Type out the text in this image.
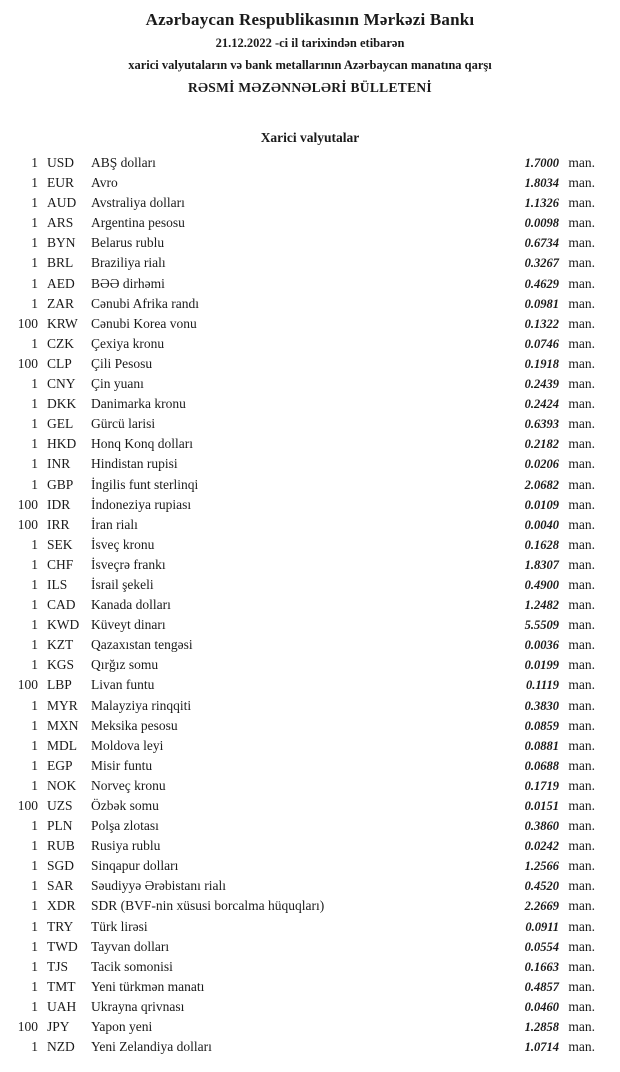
Azərbaycan Respublikasının Mərkəzi Bankı
21.12.2022 -ci il tarixindən etibarən
xarici valyutaların və bank metallarının Azərbaycan manatına qarşı
RƏSMİ MƏZƏNNƏLƏRİ BÜLLETENİ
Xarici valyutalar
1 USD	ABŞ dolları	1.7000 man.
1 EUR	Avro	1.8034 man.
1 AUD	Avstraliya dolları	1.1326 man.
1 ARS	Argentina pesosu	0.0098 man.
1 BYN	Belarus rublu	0.6734 man.
1 BRL	Braziliya rialı	0.3267 man.
1 AED	BƏƏ dirhəmi	0.4629 man.
1 ZAR	Cənubi Afrika randı	0.0981 man.
100 KRW Cənubi Korea vonu	0.1322 man.
1 CZK	Çexiya kronu	0.0746 man.
100 CLP	Çili Pesosu	0.1918 man.
1 CNY	Çin yuanı	0.2439 man.
1 DKK	Danimarka kronu	0.2424 man.
1 GEL	Gürcü larisi	0.6393 man.
1 HKD	Honq Konq dolları	0.2182 man.
1 INR	Hindistan rupisi	0.0206 man.
1 GBP	İngilis funt sterlinqi	2.0682 man.
100 IDR	İndoneziya rupiası	0.0109 man.
100 IRR	İran rialı	0.0040 man.
1 SEK	İsveç kronu	0.1628 man.
1 CHF	İsveçrə frankı	1.8307 man.
1 ILS	İsrail şekeli	0.4900 man.
1 CAD	Kanada dolları	1.2482 man.
1 KWD Küveyt dinarı	5.5509 man.
1 KZT	Qazaxıstan tengəsi	0.0036 man.
1 KGS	Qırğız somu	0.0199 man.
100 LBP	Livan funtu	0.1119 man.
1 MYR Malayziya rinqqiti	0.3830 man.
1 MXN Meksika pesosu	0.0859 man.
1 MDL	Moldova leyi	0.0881 man.
1 EGP	Misir funtu	0.0688 man.
1 NOK	Norveç kronu	0.1719 man.
100 UZS	Özbək somu	0.0151 man.
1 PLN	Polşa zlotası	0.3860 man.
1 RUB	Rusiya rublu	0.0242 man.
1 SGD	Sinqapur dolları	1.2566 man.
1 SAR	Səudiyyə Ərəbistanı rialı	0.4520 man.
1 XDR	SDR (BVF-nin xüsusi borcalma hüquqları)	2.2669 man.
1 TRY	Türk lirəsi	0.0911 man.
1 TWD Tayvan dolları	0.0554 man.
1 TJS	Tacik somonisi	0.1663 man.
1 TMT	Yeni türkmən manatı	0.4857 man.
1 UAH	Ukrayna qrivnası	0.0460 man.
100 JPY	Yapon yeni	1.2858 man.
1 NZD	Yeni Zelandiya dolları	1.0714 man.
